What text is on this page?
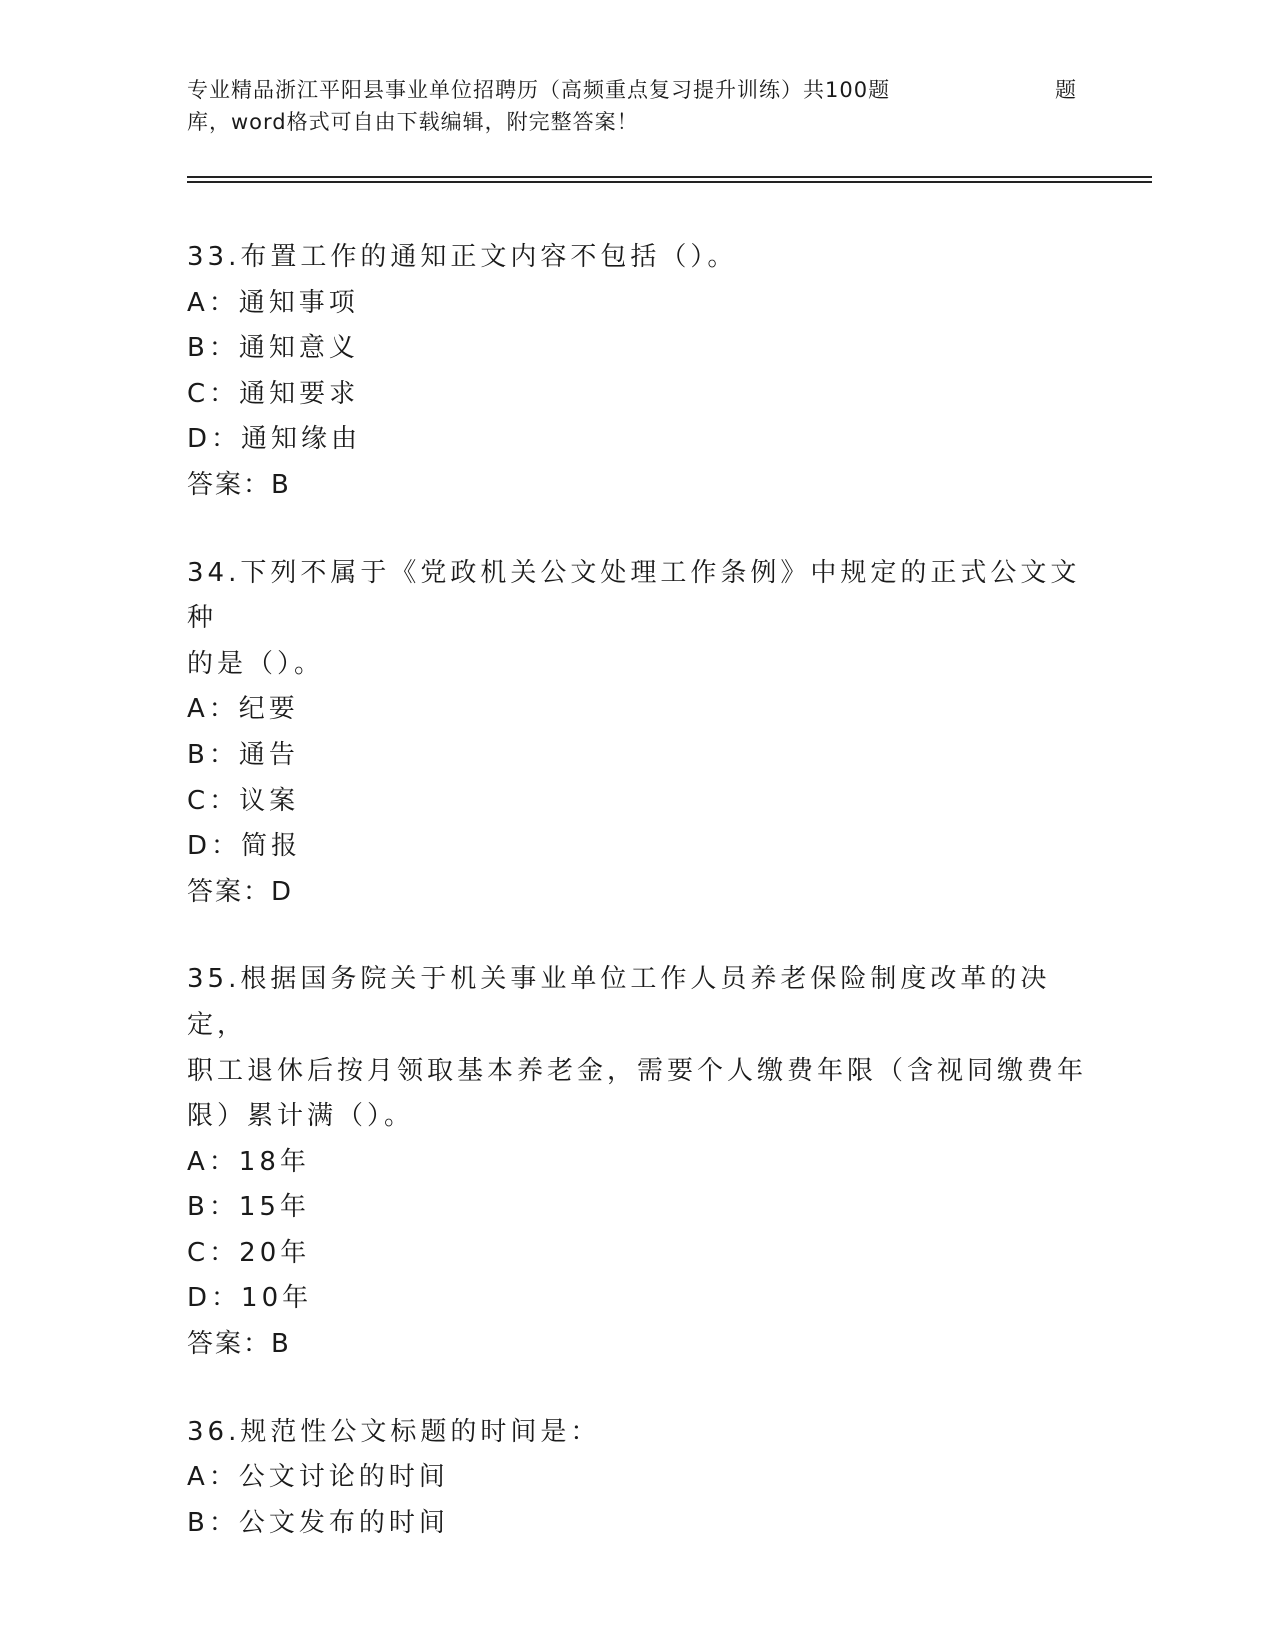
专业精品浙江平阳县事业单位招聘历（高频重点复习提升训练）共100题	题
库，word格式可自由下载编辑，附完整答案！

33.布置工作的通知正文内容不包括（）。

A：通知事项

B：通知意义

C：通知要求

D：通知缘由

答案：B

34.下列不属于《党政机关公文处理工作条例》中规定的正式公文文种

的是（）。

A：纪要

B：通告

C：议案

D：简报

答案：D

35.根据国务院关于机关事业单位工作人员养老保险制度改革的决定，

职工退休后按月领取基本养老金，需要个人缴费年限（含视同缴费年

限）累计满（）。

A：18年

B：15年

C：20年

D：10年

答案：B

36.规范性公文标题的时间是：

A：公文讨论的时间

B：公文发布的时间
